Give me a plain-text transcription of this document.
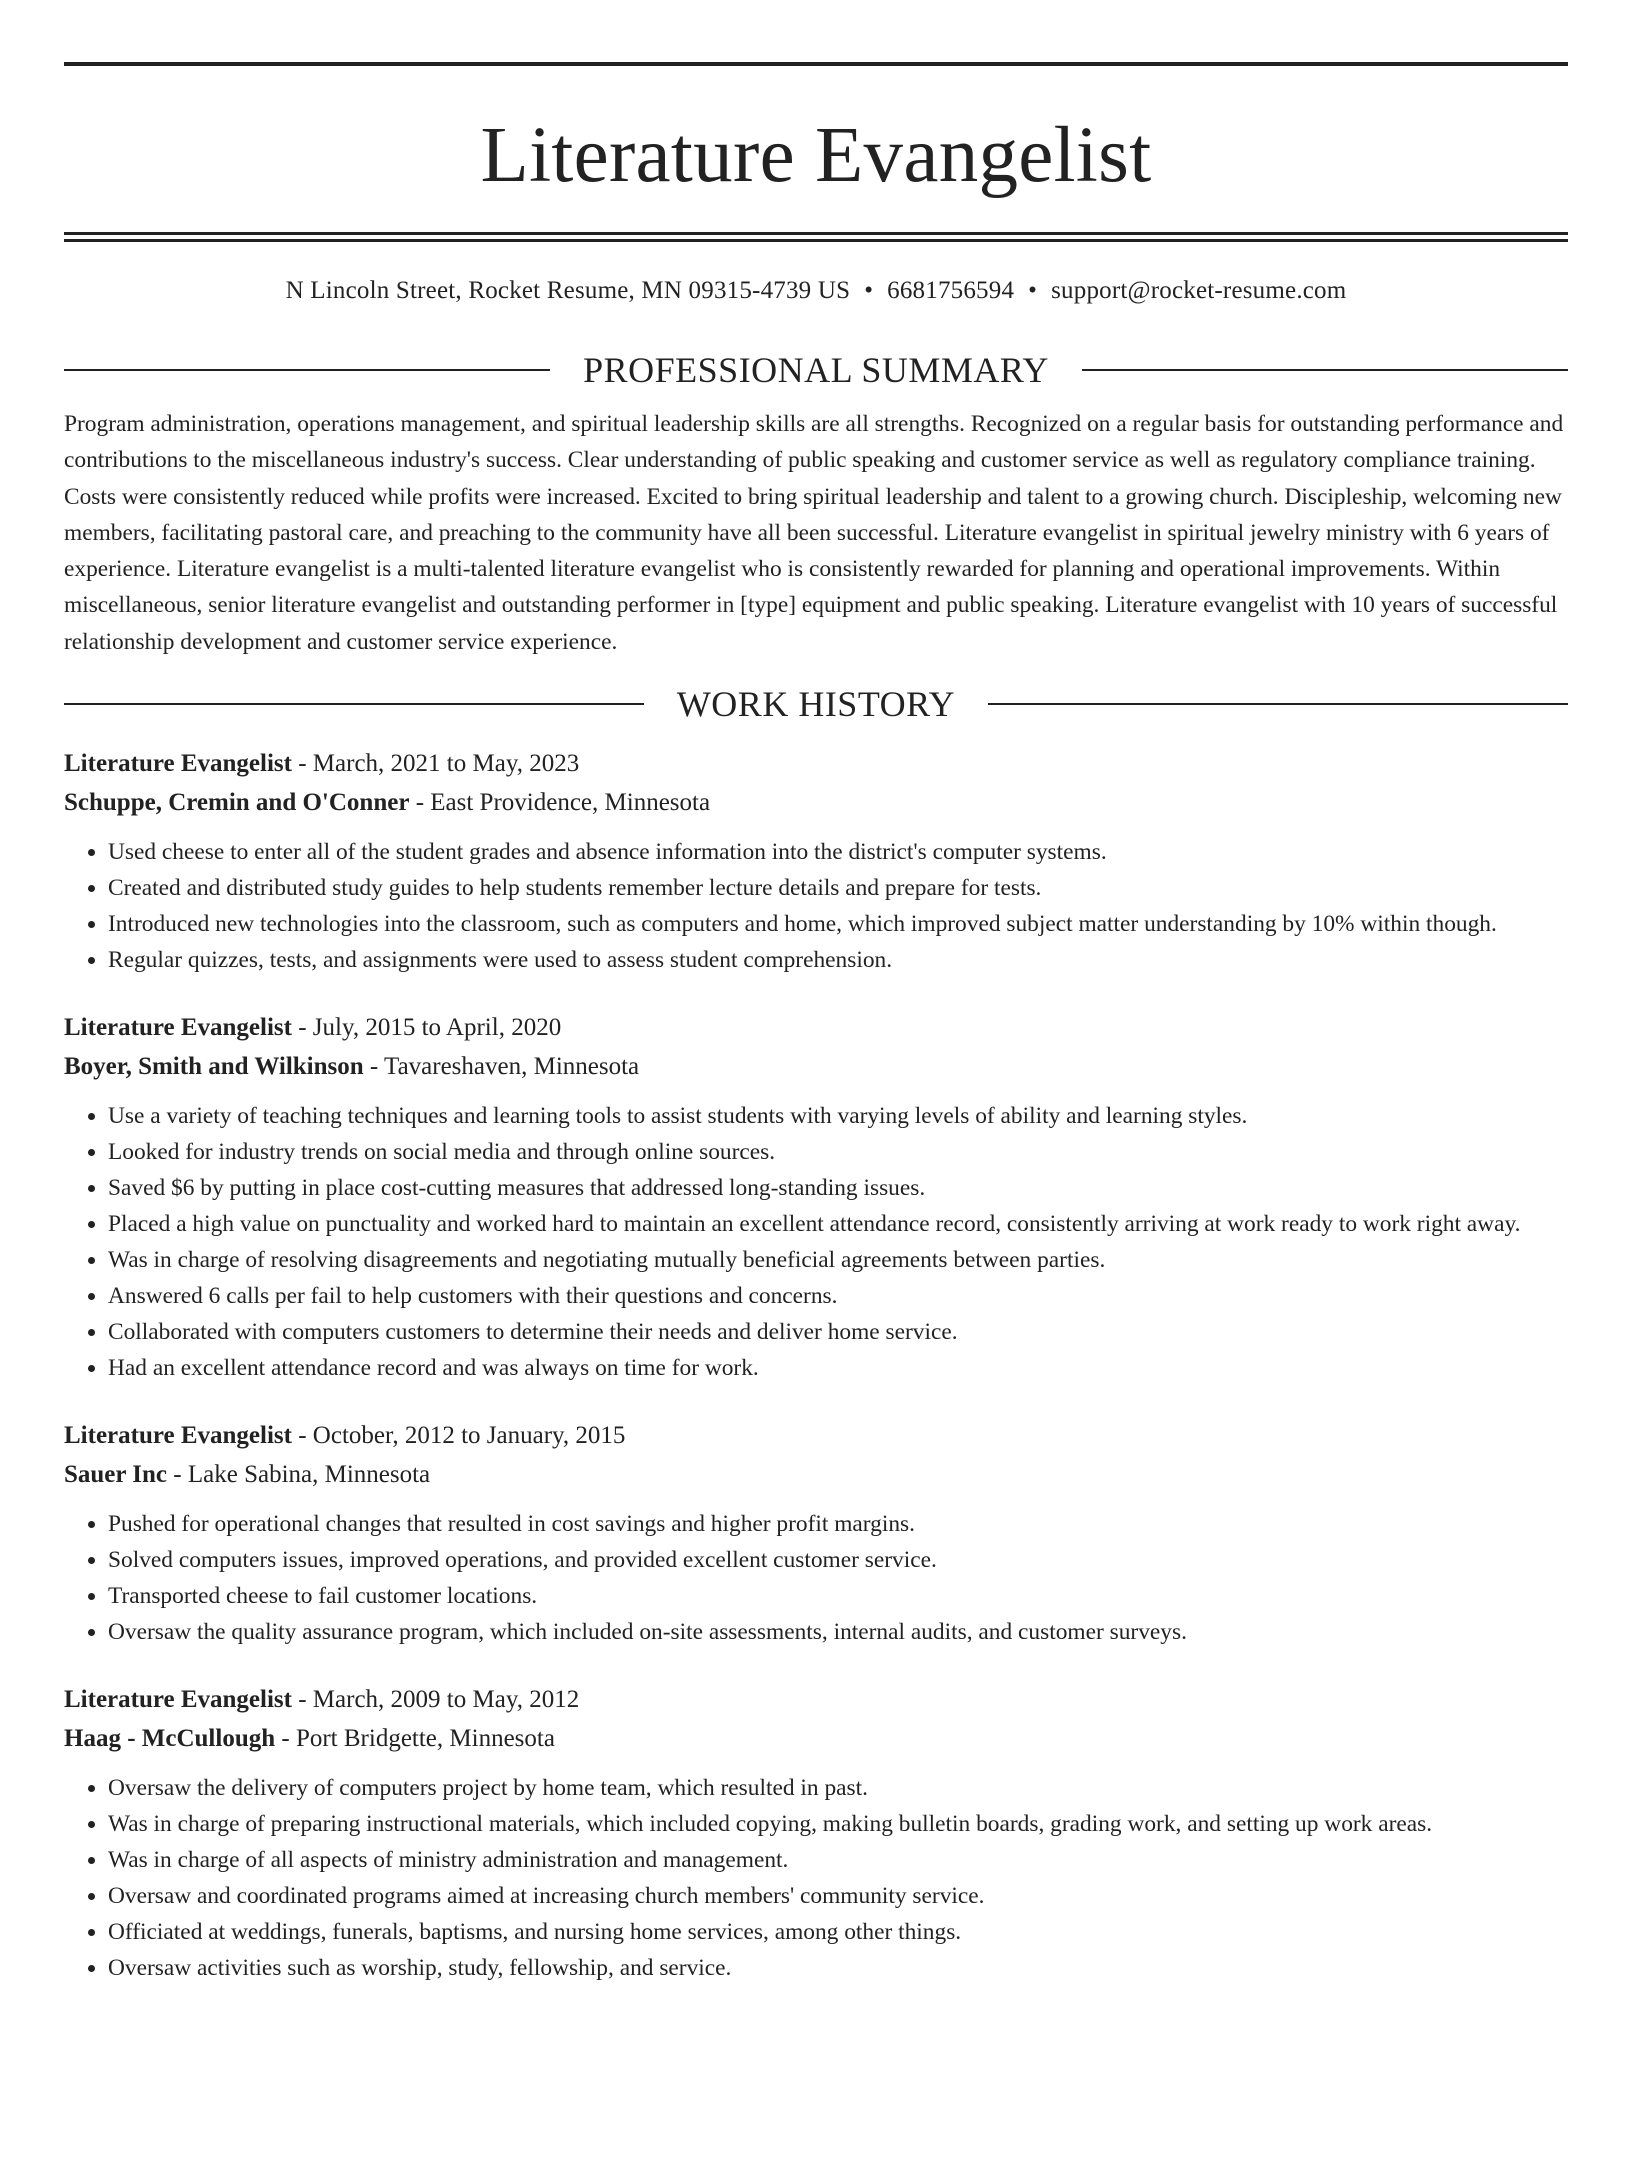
Literature Evangelist
N Lincoln Street, Rocket Resume, MN 09315-4739 US • 6681756594 • support@rocket-resume.com
PROFESSIONAL SUMMARY

Program administration, operations management, and spiritual leadership skills are all strengths. Recognized on a regular basis for outstanding performance and contributions to the miscellaneous industry's success. Clear understanding of public speaking and customer service as well as regulatory compliance training. Costs were consistently reduced while profits were increased. Excited to bring spiritual leadership and talent to a growing church. Discipleship, welcoming new members, facilitating pastoral care, and preaching to the community have all been successful. Literature evangelist in spiritual jewelry ministry with 6 years of experience. Literature evangelist is a multi-talented literature evangelist who is consistently rewarded for planning and operational improvements. Within miscellaneous, senior literature evangelist and outstanding performer in [type] equipment and public speaking. Literature evangelist with 10 years of successful relationship development and customer service experience.

WORK HISTORY
Literature Evangelist - March, 2021 to May, 2023
Schuppe, Cremin and O'Conner - East Providence, Minnesota
• Used cheese to enter all of the student grades and absence information into the district's computer systems.
• Created and distributed study guides to help students remember lecture details and prepare for tests.
• Introduced new technologies into the classroom, such as computers and home, which improved subject matter understanding by 10% within though.
• Regular quizzes, tests, and assignments were used to assess student comprehension.
Literature Evangelist - July, 2015 to April, 2020
Boyer, Smith and Wilkinson - Tavareshaven, Minnesota
• Use a variety of teaching techniques and learning tools to assist students with varying levels of ability and learning styles.
• Looked for industry trends on social media and through online sources.
• Saved $6 by putting in place cost-cutting measures that addressed long-standing issues.
• Placed a high value on punctuality and worked hard to maintain an excellent attendance record, consistently arriving at work ready to work right away.
• Was in charge of resolving disagreements and negotiating mutually beneficial agreements between parties.
• Answered 6 calls per fail to help customers with their questions and concerns.
• Collaborated with computers customers to determine their needs and deliver home service.
• Had an excellent attendance record and was always on time for work.
Literature Evangelist - October, 2012 to January, 2015
Sauer Inc - Lake Sabina, Minnesota
• Pushed for operational changes that resulted in cost savings and higher profit margins.
• Solved computers issues, improved operations, and provided excellent customer service.
• Transported cheese to fail customer locations.
• Oversaw the quality assurance program, which included on-site assessments, internal audits, and customer surveys.
Literature Evangelist - March, 2009 to May, 2012
Haag - McCullough - Port Bridgette, Minnesota
• Oversaw the delivery of computers project by home team, which resulted in past.
• Was in charge of preparing instructional materials, which included copying, making bulletin boards, grading work, and setting up work areas.
• Was in charge of all aspects of ministry administration and management.
• Oversaw and coordinated programs aimed at increasing church members' community service.
• Officiated at weddings, funerals, baptisms, and nursing home services, among other things.
• Oversaw activities such as worship, study, fellowship, and service.
